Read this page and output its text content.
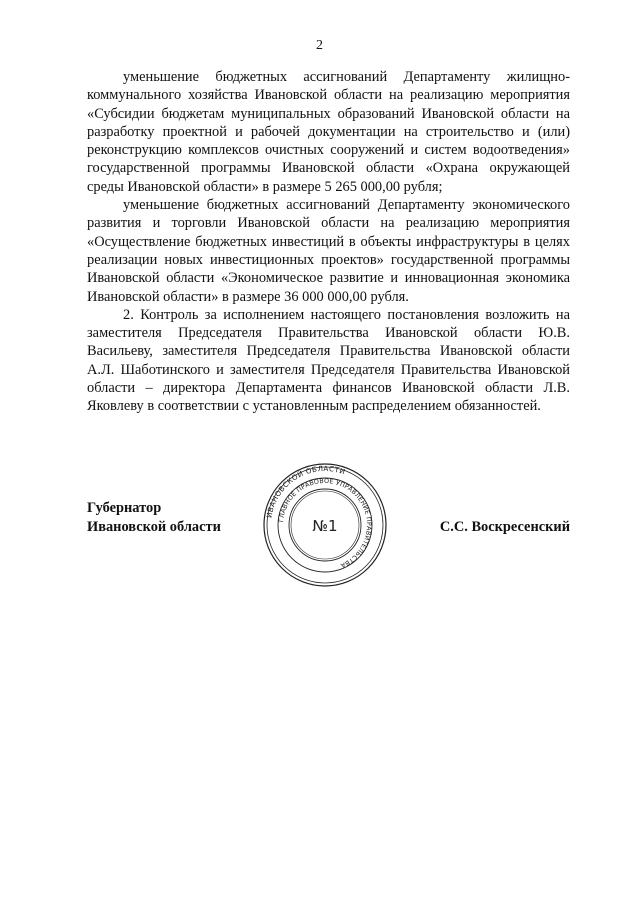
2

уменьшение бюджетных ассигнований Департаменту жилищно-коммунального хозяйства Ивановской области на реализацию мероприятия «Субсидии бюджетам муниципальных образований Ивановской области на разработку проектной и рабочей документации на строительство и (или) реконструкцию комплексов очистных сооружений и систем водоотведения» государственной программы Ивановской области «Охрана окружающей среды Ивановской области» в размере 5 265 000,00 рубля;

уменьшение бюджетных ассигнований Департаменту экономического развития и торговли Ивановской области на реализацию мероприятия «Осуществление бюджетных инвестиций в объекты инфраструктуры в целях реализации новых инвестиционных проектов» государственной программы Ивановской области «Экономическое развитие и инновационная экономика Ивановской области» в размере 36 000 000,00 рубля.

2. Контроль за исполнением настоящего постановления возложить на заместителя Председателя Правительства Ивановской области Ю.В. Васильеву, заместителя Председателя Правительства Ивановской области А.Л. Шаботинского и заместителя Председателя Правительства Ивановской области – директора Департамента финансов Ивановской области Л.В. Яковлеву в соответствии с установленным распределением обязанностей.

Губернатор
Ивановской области	С.С. Воскресенский
ИВАНОВСКОЙ ОБЛАСТИ
ГЛАВНОЕ ПРАВОВОЕ УПРАВЛЕНИЕ ПРАВИТЕЛЬСТВА
№1
